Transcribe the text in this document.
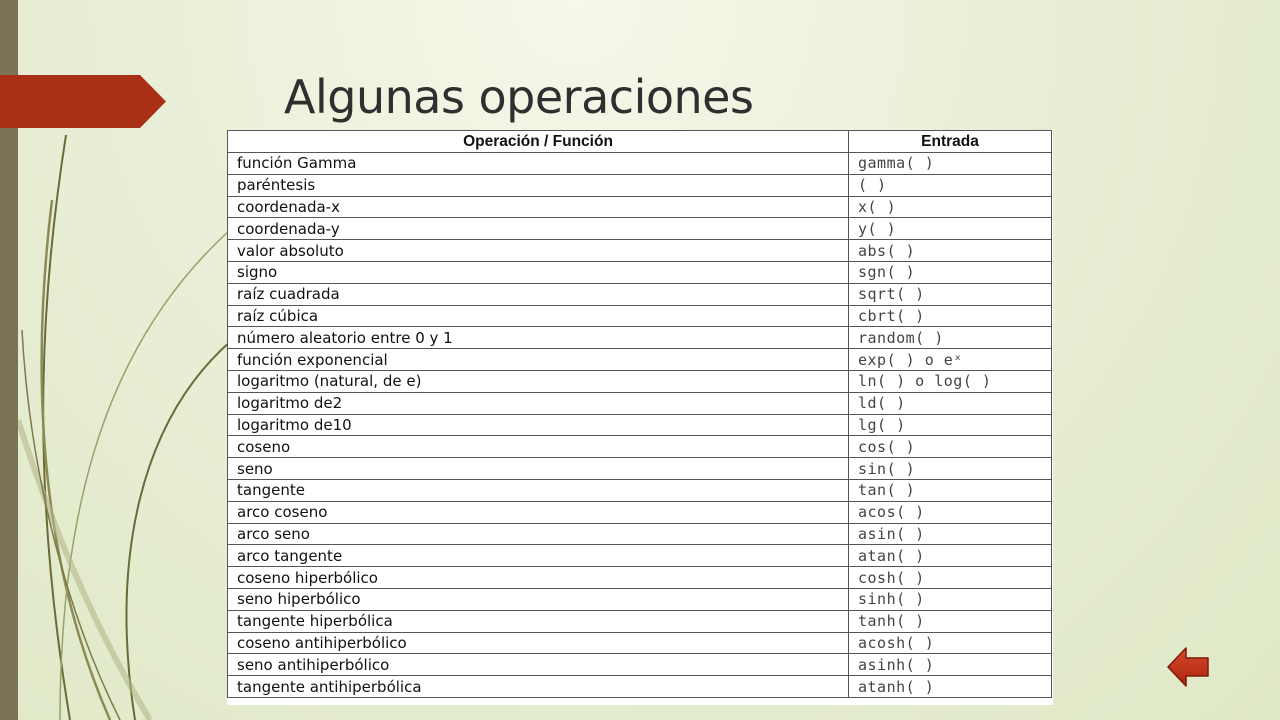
Algunas operaciones
Operación / Función	Entrada
función Gamma	gamma( )
paréntesis	( )
coordenada-x	x( )
coordenada-y	y( )
valor absoluto	abs( )
signo	sgn( )
raíz cuadrada	sqrt( )
raíz cúbica	cbrt( )
número aleatorio entre 0 y 1	random( )
función exponencial	exp( ) o eˣ
logaritmo (natural, de e)	ln( ) o log( )
logaritmo de2	ld( )
logaritmo de10	lg( )
coseno	cos( )
seno	sin( )
tangente	tan( )
arco coseno	acos( )
arco seno	asin( )
arco tangente	atan( )
coseno hiperbólico	cosh( )
seno hiperbólico	sinh( )
tangente hiperbólica	tanh( )
coseno antihiperbólico	acosh( )
seno antihiperbólico	asinh( )
tangente antihiperbólica	atanh( )
